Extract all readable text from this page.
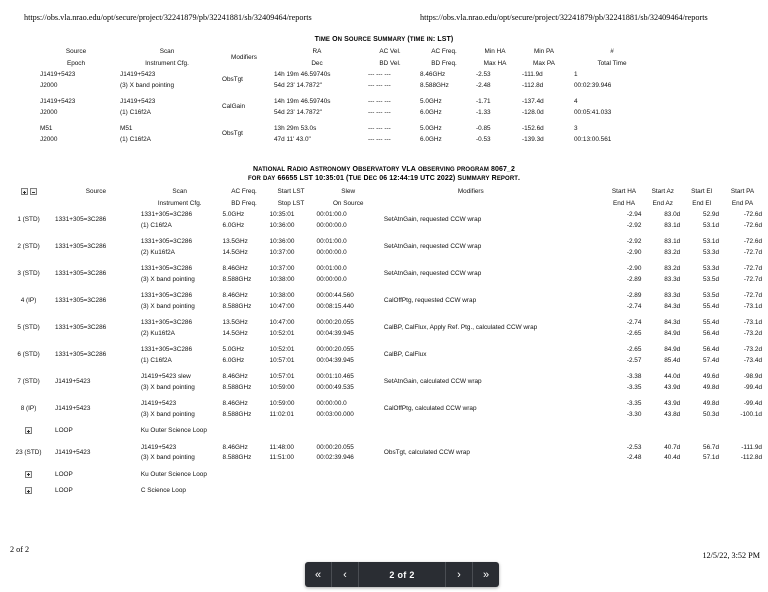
https://obs.vla.nrao.edu/opt/secure/project/32241879/pb/32241881/sb/32409464/reports	https://obs.vla.nrao.edu/opt/secure/project/32241879/pb/32241881/sb/32409464/reports
TIME ON SOURCE SUMMARY (TIME IN: LST)
Source	Scan	Modifiers	RA	AC Vel.	AC Freq.	Min HA	Min PA	#
Epoch	Instrument Cfg.		Dec	BD Vel.	BD Freq.	Max HA	Max PA	Total Time
J1419+5423	J1419+5423	ObsTgt	14h 19m 46.59740s	--- --- ---	8.46GHz	-2.53	-111.9d	1
J2000	(3) X band pointing		54d 23' 14.7872"	--- --- ---	8.588GHz	-2.48	-112.8d	00:02:39.946

J1419+5423	J1419+5423	CalGain	14h 19m 46.59740s	--- --- ---	5.0GHz	-1.71	-137.4d	4
J2000	(1) C16f2A		54d 23' 14.7872"	--- --- ---	6.0GHz	-1.33	-128.0d	00:05:41.033

M51	M51	ObsTgt	13h 29m 53.0s	--- --- ---	5.0GHz	-0.85	-152.6d	3
J2000	(1) C16f2A		47d 11' 43.0"	--- --- ---	6.0GHz	-0.53	-139.3d	00:13:00.561
NATIONAL RADIO ASTRONOMY OBSERVATORY VLA OBSERVING PROGRAM 8067_2
FOR DAY 66655 LST 10:35:01 (TUE DEC 06 12:44:19 UTC 2022) SUMMARY REPORT.
	Source	Scan	AC Freq.	Start LST	Slew	Modifiers		Start HA	Start Az	Start El	Start PA
		Instrument Cfg.	BD Freq.	Stop LST	On Source			End HA	End Az	End El	End PA
1 (STD)	1331+305=3C286	1331+305=3C286	5.0GHz	10:35:01	00:01:00.0	SetAtnGain, requested CCW wrap		-2.94	83.0d	52.9d	-72.6d
		(1) C16f2A	6.0GHz	10:36:00	00:00:00.0			-2.92	83.1d	53.1d	-72.6d

2 (STD)	1331+305=3C286	1331+305=3C286	13.5GHz	10:36:00	00:01:00.0	SetAtnGain, requested CCW wrap		-2.92	83.1d	53.1d	-72.6d
		(2) Ku16f2A	14.5GHz	10:37:00	00:00:00.0			-2.90	83.2d	53.3d	-72.7d

3 (STD)	1331+305=3C286	1331+305=3C286	8.46GHz	10:37:00	00:01:00.0	SetAtnGain, requested CCW wrap		-2.90	83.2d	53.3d	-72.7d
		(3) X band pointing	8.588GHz	10:38:00	00:00:00.0			-2.89	83.3d	53.5d	-72.7d

4 (IP)	1331+305=3C286	1331+305=3C286	8.46GHz	10:38:00	00:00:44.560	CalOffPtg, requested CCW wrap		-2.89	83.3d	53.5d	-72.7d
		(3) X band pointing	8.588GHz	10:47:00	00:08:15.440			-2.74	84.3d	55.4d	-73.1d

5 (STD)	1331+305=3C286	1331+305=3C286	13.5GHz	10:47:00	00:00:20.055	CalBP, CalFlux, Apply Ref. Ptg., calculated CCW wrap		-2.74	84.3d	55.4d	-73.1d
		(2) Ku16f2A	14.5GHz	10:52:01	00:04:39.945			-2.65	84.9d	56.4d	-73.2d

6 (STD)	1331+305=3C286	1331+305=3C286	5.0GHz	10:52:01	00:00:20.055	CalBP, CalFlux		-2.65	84.9d	56.4d	-73.2d
		(1) C16f2A	6.0GHz	10:57:01	00:04:39.945			-2.57	85.4d	57.4d	-73.4d

7 (STD)	J1419+5423	J1419+5423 slew	8.46GHz	10:57:01	00:01:10.465	SetAtnGain, calculated CCW wrap		-3.38	44.0d	49.6d	-98.9d
		(3) X band pointing	8.588GHz	10:59:00	00:00:49.535			-3.35	43.9d	49.8d	-99.4d

8 (IP)	J1419+5423	J1419+5423	8.46GHz	10:59:00	00:00:00.0	CalOffPtg, calculated CCW wrap		-3.35	43.9d	49.8d	-99.4d
		(3) X band pointing	8.588GHz	11:02:01	00:03:00.000			-3.30	43.8d	50.3d	-100.1d

	LOOP	Ku Outer Science Loop									

23 (STD)	J1419+5423	J1419+5423	8.46GHz	11:48:00	00:00:20.055	ObsTgt, calculated CCW wrap		-2.53	40.7d	56.7d	-111.9d
		(3) X band pointing	8.588GHz	11:51:00	00:02:39.946			-2.48	40.4d	57.1d	-112.8d

	LOOP	Ku Outer Science Loop									

	LOOP	C Science Loop									
«	‹	2 of 2	›	»
2 of 2
12/5/22, 3:52 PM
